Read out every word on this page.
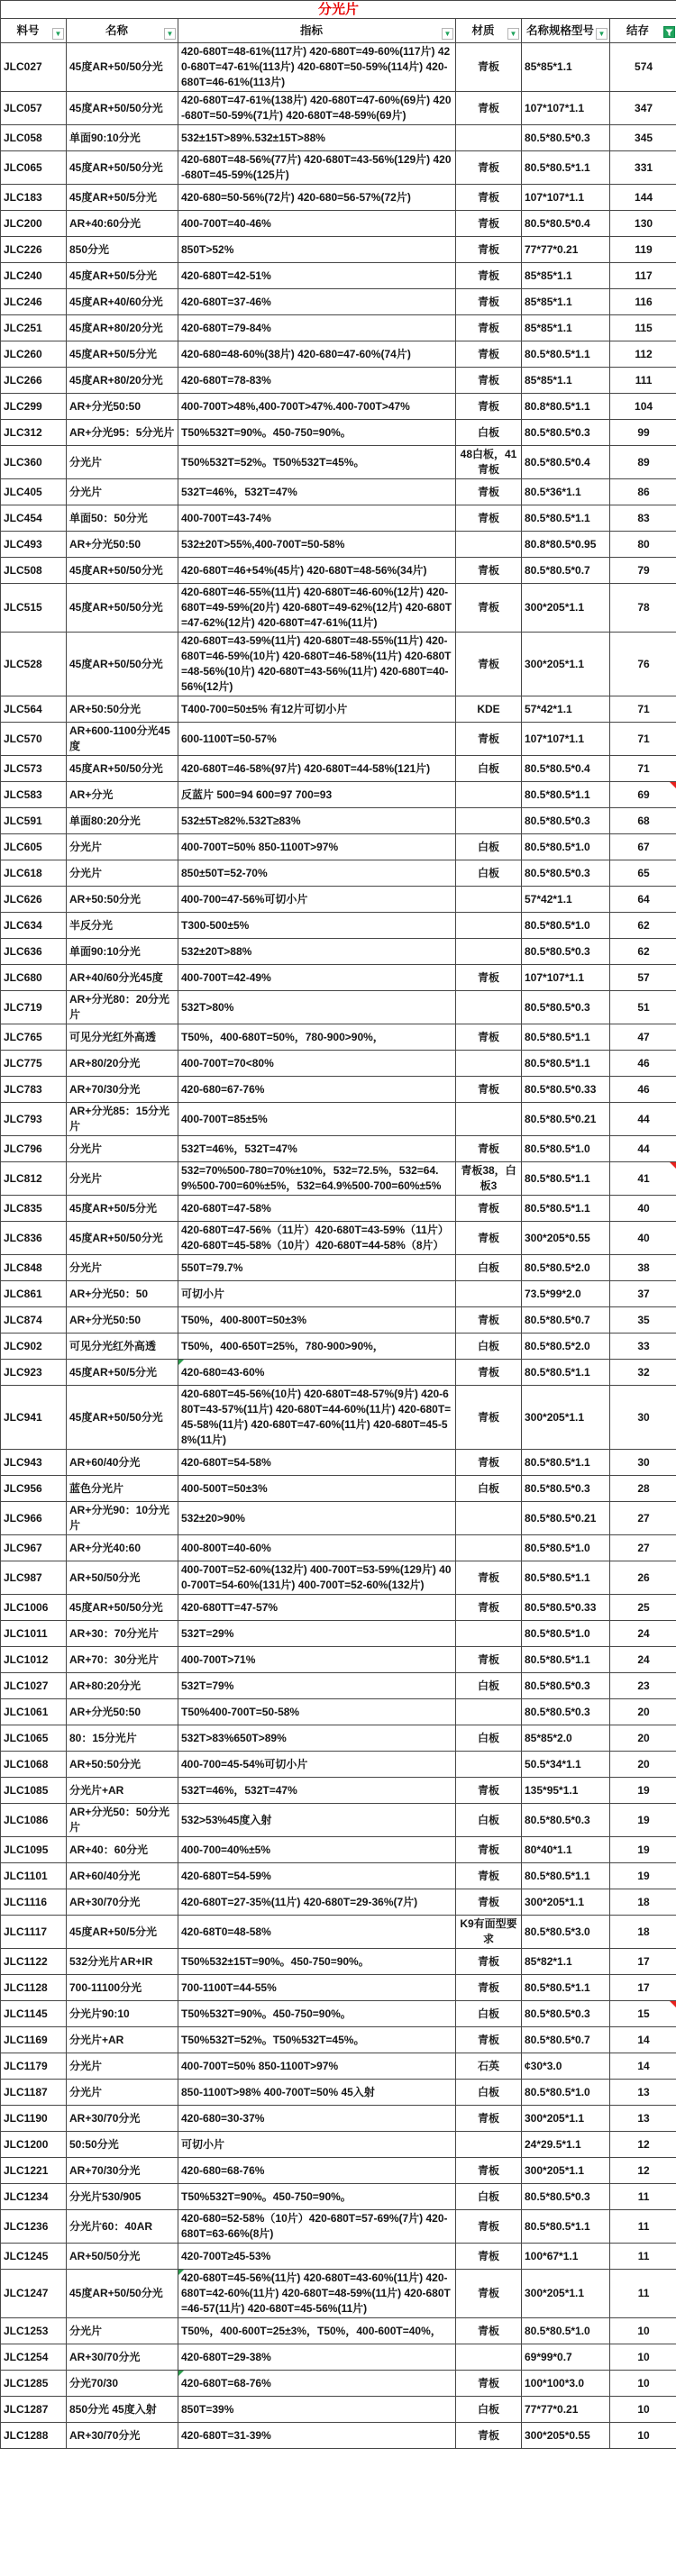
分光片					
料号 ▼	名称 ▼	指标 ▼	材质 ▼	名称规格型号 ▼	结存

JLC027	45度AR+50/50分光	420-680T=48-61%(117片) 420-680T=49-60%(117片) 420-680T=47-61%(113片) 420-680T=50-59%(114片) 420-680T=46-61%(113片)	青板	85*85*1.1	574
JLC057	45度AR+50/50分光	420-680T=47-61%(138片) 420-680T=47-60%(69片) 420-680T=50-59%(71片) 420-680T=48-59%(69片)	青板	107*107*1.1	347
JLC058	单面90:10分光	532±15T>89%.532±15T>88%		80.5*80.5*0.3	345
JLC065	45度AR+50/50分光	420-680T=48-56%(77片) 420-680T=43-56%(129片) 420-680T=45-59%(125片)	青板	80.5*80.5*1.1	331
JLC183	45度AR+50/5分光	420-680=50-56%(72片) 420-680=56-57%(72片)	青板	107*107*1.1	144
JLC200	AR+40:60分光	400-700T=40-46%	青板	80.5*80.5*0.4	130
JLC226	850分光	850T>52%	青板	77*77*0.21	119
JLC240	45度AR+50/5分光	420-680T=42-51%	青板	85*85*1.1	117
JLC246	45度AR+40/60分光	420-680T=37-46%	青板	85*85*1.1	116
JLC251	45度AR+80/20分光	420-680T=79-84%	青板	85*85*1.1	115
JLC260	45度AR+50/5分光	420-680=48-60%(38片) 420-680=47-60%(74片)	青板	80.5*80.5*1.1	112
JLC266	45度AR+80/20分光	420-680T=78-83%	青板	85*85*1.1	111
JLC299	AR+分光50:50	400-700T>48%,400-700T>47%.400-700T>47%	青板	80.8*80.5*1.1	104
JLC312	AR+分光95：5分光片	T50%532T=90%。450-750=90%。	白板	80.5*80.5*0.3	99
JLC360	分光片	T50%532T=52%。T50%532T=45%。	48白板，41青板	80.5*80.5*0.4	89
JLC405	分光片	532T=46%，532T=47%	青板	80.5*36*1.1	86
JLC454	单面50：50分光	400-700T=43-74%	青板	80.5*80.5*1.1	83
JLC493	AR+分光50:50	532±20T>55%,400-700T=50-58%		80.8*80.5*0.95	80
JLC508	45度AR+50/50分光	420-680T=46+54%(45片) 420-680T=48-56%(34片)	青板	80.5*80.5*0.7	79
JLC515	45度AR+50/50分光	420-680T=46-55%(11片) 420-680T=46-60%(12片) 420-680T=49-59%(20片) 420-680T=49-62%(12片) 420-680T=47-62%(12片) 420-680T=47-61%(11片)	青板	300*205*1.1	78
JLC528	45度AR+50/50分光	420-680T=43-59%(11片) 420-680T=48-55%(11片) 420-680T=46-59%(10片) 420-680T=46-58%(11片) 420-680T=48-56%(10片) 420-680T=43-56%(11片) 420-680T=40-56%(12片)	青板	300*205*1.1	76
JLC564	AR+50:50分光	T400-700=50±5% 有12片可切小片	KDE	57*42*1.1	71
JLC570	AR+600-1100分光45度	600-1100T=50-57%	青板	107*107*1.1	71
JLC573	45度AR+50/50分光	420-680T=46-58%(97片) 420-680T=44-58%(121片)	白板	80.5*80.5*0.4	71
JLC583	AR+分光	反蓝片 500=94 600=97 700=93		80.5*80.5*1.1	69

JLC591	单面80:20分光	532±5T≥82%.532T≥83%		80.5*80.5*0.3	68
JLC605	分光片	400-700T=50% 850-1100T>97%	白板	80.5*80.5*1.0	67
JLC618	分光片	850±50T=52-70%	白板	80.5*80.5*0.3	65
JLC626	AR+50:50分光	400-700=47-56%可切小片		57*42*1.1	64
JLC634	半反分光	T300-500±5%		80.5*80.5*1.0	62
JLC636	单面90:10分光	532±20T>88%		80.5*80.5*0.3	62
JLC680	AR+40/60分光45度	400-700T=42-49%	青板	107*107*1.1	57
JLC719	AR+分光80：20分光片	532T>80%		80.5*80.5*0.3	51
JLC765	可见分光红外高透	T50%，400-680T=50%，780-900>90%，	青板	80.5*80.5*1.1	47
JLC775	AR+80/20分光	400-700T=70<80%		80.5*80.5*1.1	46
JLC783	AR+70/30分光	420-680=67-76%	青板	80.5*80.5*0.33	46
JLC793	AR+分光85：15分光片	400-700T=85±5%		80.5*80.5*0.21	44
JLC796	分光片	532T=46%，532T=47%	青板	80.5*80.5*1.0	44
JLC812	分光片	532=70%500-780=70%±10%，532=72.5%，532=64.9%500-700=60%±5%，532=64.9%500-700=60%±5%	青板38，白板3	80.5*80.5*1.1	41

JLC835	45度AR+50/5分光	420-680T=47-58%	青板	80.5*80.5*1.1	40
JLC836	45度AR+50/50分光	420-680T=47-56%（11片）420-680T=43-59%（11片）420-680T=45-58%（10片）420-680T=44-58%（8片）	青板	300*205*0.55	40
JLC848	分光片	550T=79.7%	白板	80.5*80.5*2.0	38
JLC861	AR+分光50：50	可切小片		73.5*99*2.0	37
JLC874	AR+分光50:50	T50%，400-800T=50±3%	青板	80.5*80.5*0.7	35
JLC902	可见分光红外高透	T50%，400-650T=25%，780-900>90%，	白板	80.5*80.5*2.0	33
JLC923	45度AR+50/5分光	420-680=43-60%	青板	80.5*80.5*1.1	32
JLC941	45度AR+50/50分光	420-680T=45-56%(10片) 420-680T=48-57%(9片) 420-680T=43-57%(11片) 420-680T=44-60%(11片) 420-680T=45-58%(11片) 420-680T=47-60%(11片) 420-680T=45-58%(11片)	青板	300*205*1.1	30
JLC943	AR+60/40分光	420-680T=54-58%	青板	80.5*80.5*1.1	30
JLC956	蓝色分光片	400-500T=50±3%	白板	80.5*80.5*0.3	28
JLC966	AR+分光90：10分光片	532±20>90%		80.5*80.5*0.21	27
JLC967	AR+分光40:60	400-800T=40-60%		80.5*80.5*1.0	27
JLC987	AR+50/50分光	400-700T=52-60%(132片) 400-700T=53-59%(129片) 400-700T=54-60%(131片) 400-700T=52-60%(132片)	青板	80.5*80.5*1.1	26
JLC1006	45度AR+50/50分光	420-680TT=47-57%	青板	80.5*80.5*0.33	25
JLC1011	AR+30：70分光片	532T=29%		80.5*80.5*1.0	24
JLC1012	AR+70：30分光片	400-700T>71%	青板	80.5*80.5*1.1	24
JLC1027	AR+80:20分光	532T=79%	白板	80.5*80.5*0.3	23
JLC1061	AR+分光50:50	T50%400-700T=50-58%		80.5*80.5*0.3	20
JLC1065	80：15分光片	532T>83%650T>89%	白板	85*85*2.0	20
JLC1068	AR+50:50分光	400-700=45-54%可切小片		50.5*34*1.1	20
JLC1085	分光片+AR	532T=46%，532T=47%	青板	135*95*1.1	19
JLC1086	AR+分光50：50分光片	532>53%45度入射	白板	80.5*80.5*0.3	19
JLC1095	AR+40：60分光	400-700=40%±5%	青板	80*40*1.1	19
JLC1101	AR+60/40分光	420-680T=54-59%	青板	80.5*80.5*1.1	19
JLC1116	AR+30/70分光	420-680T=27-35%(11片) 420-680T=29-36%(7片)	青板	300*205*1.1	18
JLC1117	45度AR+50/5分光	420-68T0=48-58%	K9有面型要求	80.5*80.5*3.0	18
JLC1122	532分光片AR+IR	T50%532±15T=90%。450-750=90%。	青板	85*82*1.1	17
JLC1128	700-11100分光	700-1100T=44-55%	青板	80.5*80.5*1.1	17
JLC1145	分光片90:10	T50%532T=90%。450-750=90%。	白板	80.5*80.5*0.3	15

JLC1169	分光片+AR	T50%532T=52%。T50%532T=45%。	青板	80.5*80.5*0.7	14
JLC1179	分光片	400-700T=50% 850-1100T>97%	石英	¢30*3.0	14
JLC1187	分光片	850-1100T>98% 400-700T=50% 45入射	白板	80.5*80.5*1.0	13
JLC1190	AR+30/70分光	420-680=30-37%	青板	300*205*1.1	13
JLC1200	50:50分光	可切小片		24*29.5*1.1	12
JLC1221	AR+70/30分光	420-680=68-76%	青板	300*205*1.1	12
JLC1234	分光片530/905	T50%532T=90%。450-750=90%。	白板	80.5*80.5*0.3	11
JLC1236	分光片60：40AR	420-680=52-58%（10片）420-680T=57-69%(7片) 420-680T=63-66%(8片)	青板	80.5*80.5*1.1	11
JLC1245	AR+50/50分光	420-700T≥45-53%	青板	100*67*1.1	11
JLC1247	45度AR+50/50分光	420-680T=45-56%(11片) 420-680T=43-60%(11片) 420-680T=42-60%(11片) 420-680T=48-59%(11片) 420-680T=46-57(11片) 420-680T=45-56%(11片)	青板	300*205*1.1	11
JLC1253	分光片	T50%，400-600T=25±3%，T50%，400-600T=40%，	青板	80.5*80.5*1.0	10
JLC1254	AR+30/70分光	420-680T=29-38%		69*99*0.7	10
JLC1285	分光70/30	420-680T=68-76%	青板	100*100*3.0	10
JLC1287	850分光 45度入射	850T=39%	白板	77*77*0.21	10
JLC1288	AR+30/70分光	420-680T=31-39%	青板	300*205*0.55	10
